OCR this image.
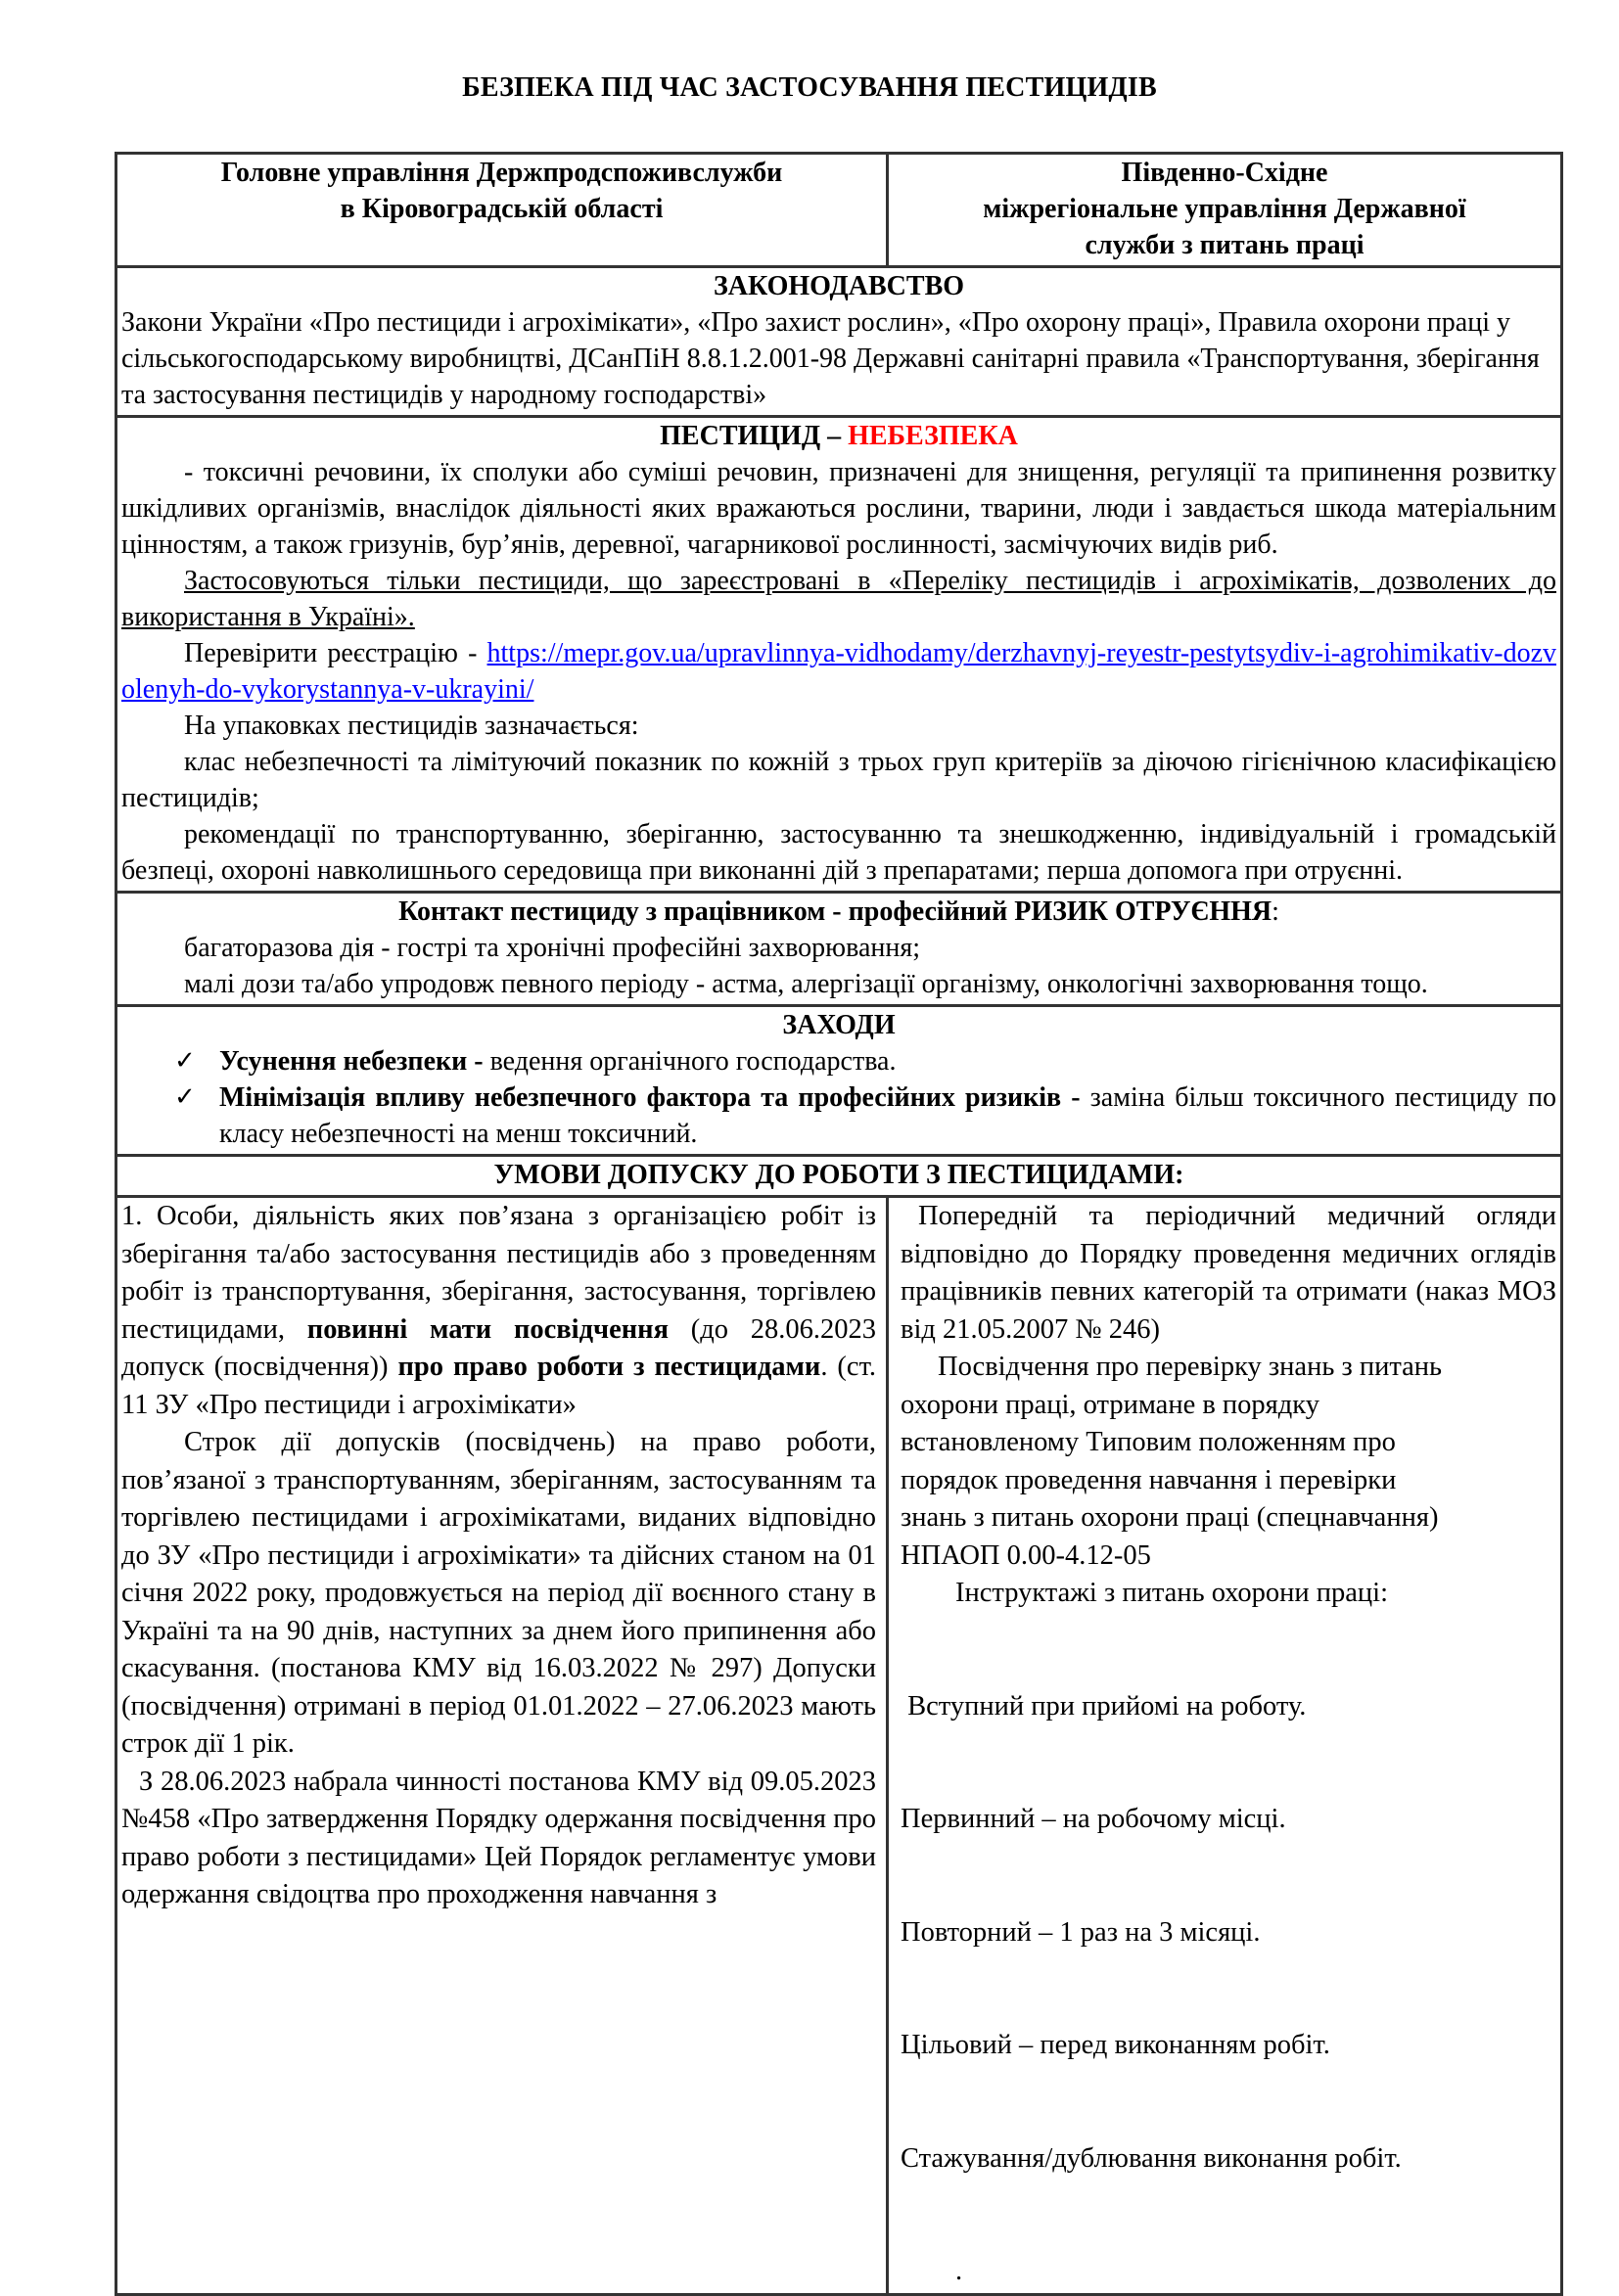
БЕЗПЕКА ПІД ЧАС ЗАСТОСУВАННЯ ПЕСТИЦИДІВ
Головне управління Держпродспоживслужби
в Кіровоградській області

Південно-Східне
міжрегіональне управління Державної
служби з питань праці

ЗАКОНОДАВСТВО
Закони України «Про пестициди і агрохімікати», «Про захист рослин», «Про охорону праці», Правила охорони праці у сільськогосподарському виробництві, ДСанПіН 8.8.1.2.001-98 Державні санітарні правила «Транспортування, зберігання та застосування пестицидів у народному господарстві»	

ПЕСТИЦИД – НЕБЕЗПЕКА
- токсичні речовини, їх сполуки або суміші речовин, призначені для знищення, регуляції та припинення розвитку шкідливих організмів, внаслідок діяльності яких вражаються рослини, тварини, люди і завдається шкода матеріальним цінностям, а також гризунів, бур’янів, деревної, чагарникової рослинності, засмічуючих видів риб.
Застосовуються тільки пестициди, що зареєстровані в «Переліку пестицидів і агрохімікатів, дозволених до використання в Україні».
Перевірити реєстрацію - https://mepr.gov.ua/upravlinnya-vidhodamy/derzhavnyj-reyestr-pestytsydiv-i-agrohimikativ-dozvolenyh-do-vykorystannya-v-ukrayini/
На упаковках пестицидів зазначається:
клас небезпечності та лімітуючий показник по кожній з трьох груп критеріїв за діючою гігієнічною класифікацією пестицидів;
рекомендації по транспортуванню, зберіганню, застосуванню та знешкодженню, індивідуальній і громадській безпеці, охороні навколишнього середовища при виконанні дій з препаратами; перша допомога при отруєнні.

Контакт пестициду з працівником - професійний РИЗИК ОТРУЄННЯ:
багаторазова дія - гострі та хронічні професійні захворювання;
малі дози та/або упродовж певного періоду - астма, алергізації організму, онкологічні захворювання тощо.	

ЗАХОДИ
✓ Усунення небезпеки - ведення органічного господарства.
✓ Мінімізація впливу небезпечного фактора та професійних ризиків - заміна більш токсичного пестициду по класу небезпечності на менш токсичний.

УМОВИ ДОПУСКУ ДО РОБОТИ З ПЕСТИЦИДАМИ:	

1. Особи, діяльність яких пов’язана з організацією робіт із зберігання та/або застосування пестицидів або з проведенням робіт із транспортування, зберігання, застосування, торгівлею пестицидами, повинні мати посвідчення (до 28.06.2023 допуск (посвідчення)) про право роботи з пестицидами. (ст. 11 ЗУ «Про пестициди і агрохімікати»
Строк дії допусків (посвідчень) на право роботи, пов’язаної з транспортуванням, зберіганням, застосуванням та торгівлею пестицидами і агрохімікатами, виданих відповідно до ЗУ «Про пестициди і агрохімікати» та дійсних станом на 01 січня 2022 року, продовжується на період дії воєнного стану в Україні та на 90 днів, наступних за днем його припинення або скасування. (постанова КМУ від 16.03.2022 № 297) Допуски (посвідчення) отримані в період 01.01.2022 – 27.06.2023 мають строк дії 1 рік.
З 28.06.2023 набрала чинності постанова КМУ від 09.05.2023 №458 «Про затвердження Порядку одержання посвідчення про право роботи з пестицидами» Цей Порядок регламентує умови одержання свідоцтва про проходження навчання з

Попередній та періодичний медичний огляди відповідно до Порядку проведення медичних оглядів працівників певних категорій та отримати (наказ МОЗ від 21.05.2007 № 246)
Посвідчення про перевірку знань з питань
охорони праці, отримане в порядку
встановленому Типовим положенням про
порядок проведення навчання і перевірки
знань з питань охорони праці (спецнавчання)
НПАОП 0.00-4.12-05
Інструктажі з питань охорони праці:

Вступний при прийомі на роботу.

Первинний – на робочому місці.

Повторний – 1 раз на 3 місяці.

Цільовий – перед виконанням робіт.

Стажування/дублювання виконання робіт.

.
